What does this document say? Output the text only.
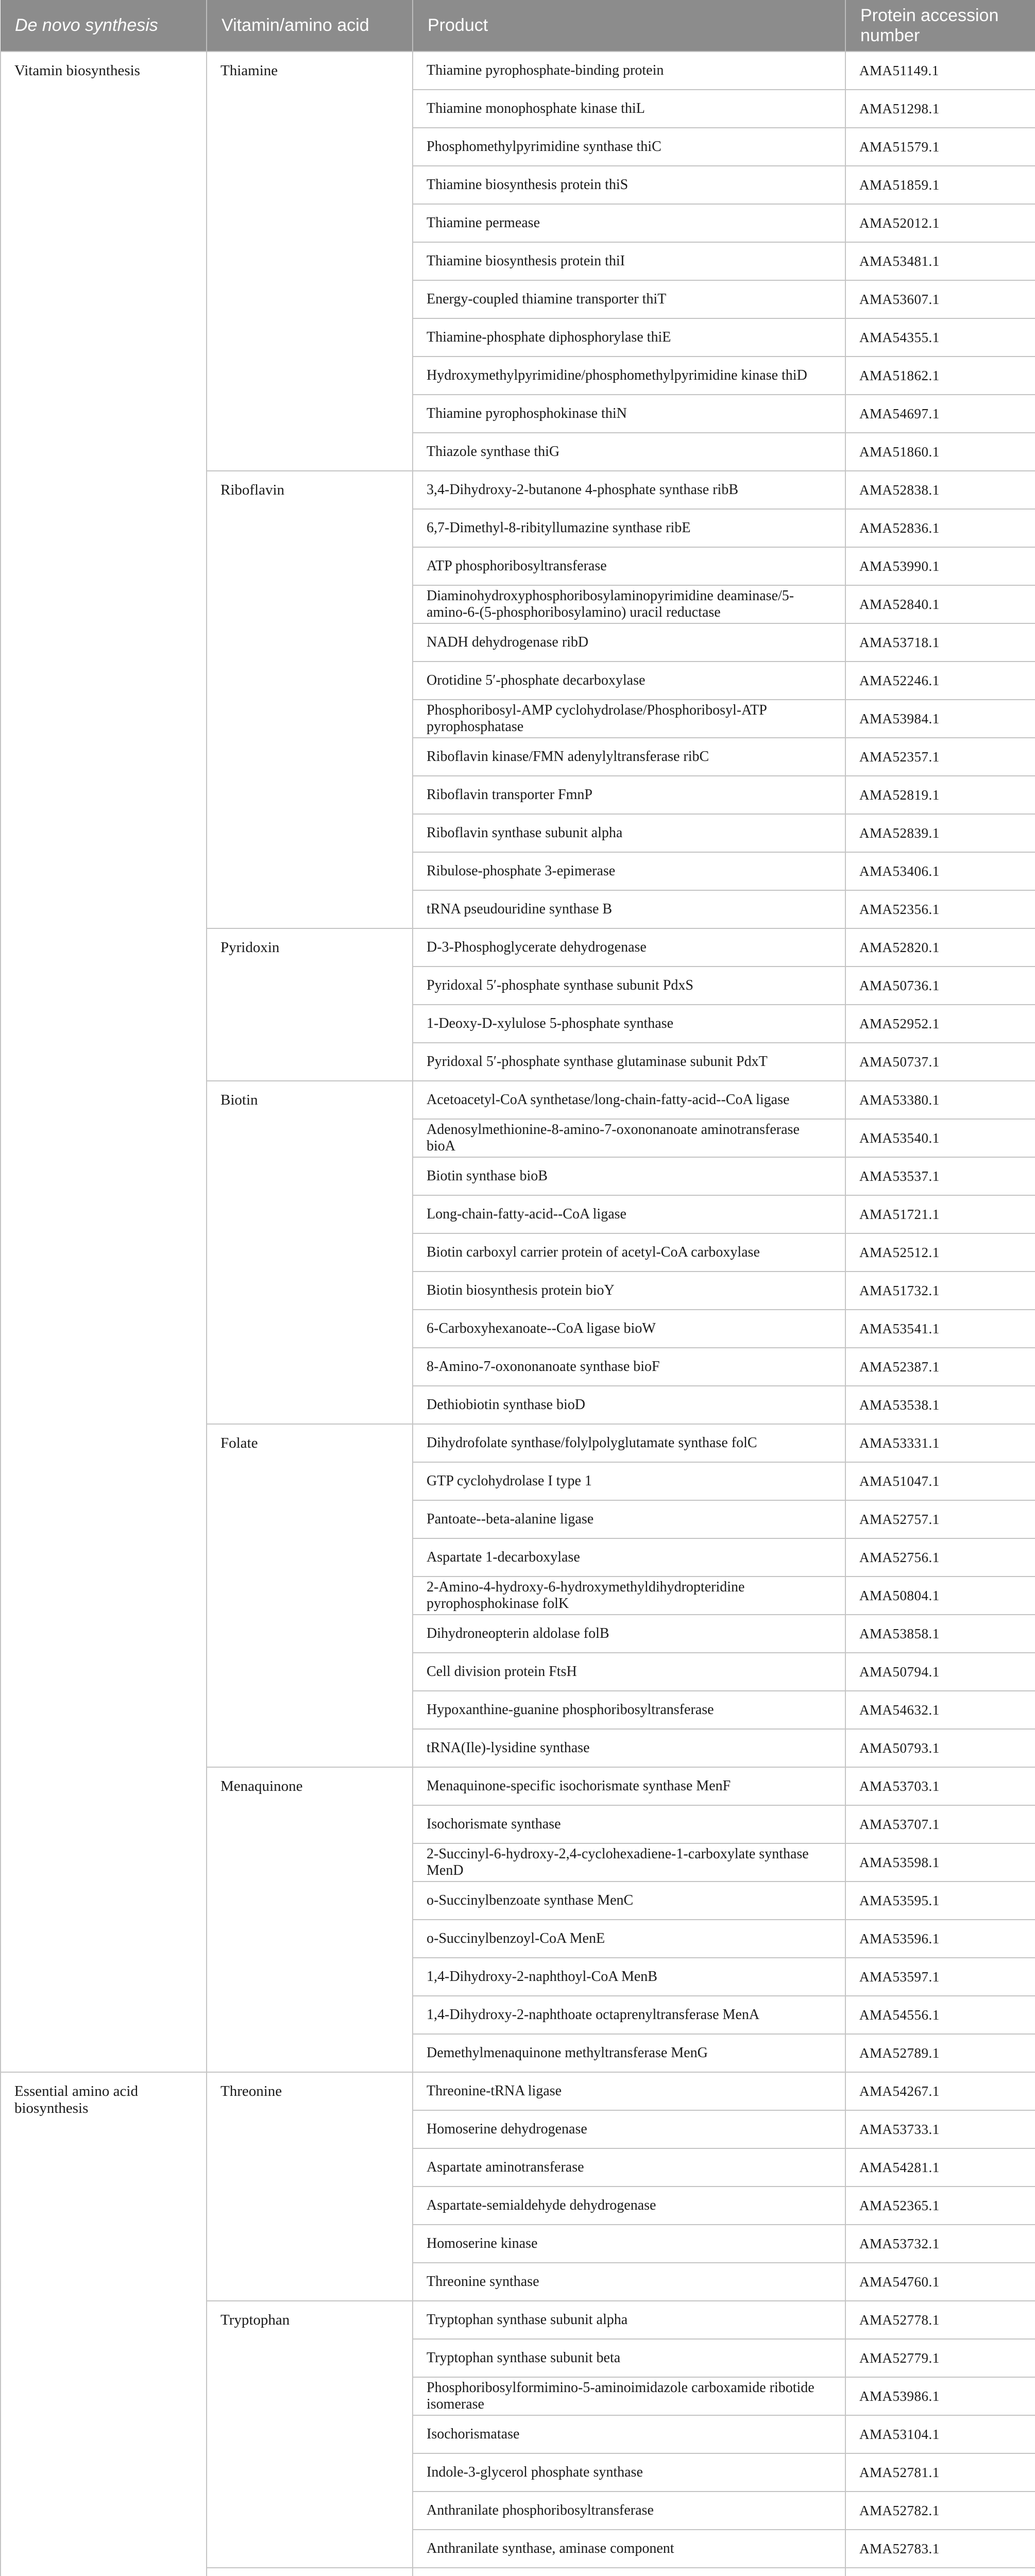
De novo synthesis	Vitamin/amino acid	Product	Protein accession number
Vitamin biosynthesis	Thiamine	Thiamine pyrophosphate-binding protein	AMA51149.1
		Thiamine monophosphate kinase thiL	AMA51298.1
		Phosphomethylpyrimidine synthase thiC	AMA51579.1
		Thiamine biosynthesis protein thiS	AMA51859.1
		Thiamine permease	AMA52012.1
		Thiamine biosynthesis protein thiI	AMA53481.1
		Energy-coupled thiamine transporter thiT	AMA53607.1
		Thiamine-phosphate diphosphorylase thiE	AMA54355.1
		Hydroxymethylpyrimidine/phosphomethylpyrimidine kinase thiD	AMA51862.1
		Thiamine pyrophosphokinase thiN	AMA54697.1
		Thiazole synthase thiG	AMA51860.1
	Riboflavin	3,4-Dihydroxy-2-butanone 4-phosphate synthase ribB	AMA52838.1
		6,7-Dimethyl-8-ribityllumazine synthase ribE	AMA52836.1
		ATP phosphoribosyltransferase	AMA53990.1
		Diaminohydroxyphosphoribosylaminopyrimidine deaminase/5-amino-6-(5-phosphoribosylamino) uracil reductase	AMA52840.1
		NADH dehydrogenase ribD	AMA53718.1
		Orotidine 5′-phosphate decarboxylase	AMA52246.1
		Phosphoribosyl-AMP cyclohydrolase/Phosphoribosyl-ATP pyrophosphatase	AMA53984.1
		Riboflavin kinase/FMN adenylyltransferase ribC	AMA52357.1
		Riboflavin transporter FmnP	AMA52819.1
		Riboflavin synthase subunit alpha	AMA52839.1
		Ribulose-phosphate 3-epimerase	AMA53406.1
		tRNA pseudouridine synthase B	AMA52356.1
	Pyridoxin	D-3-Phosphoglycerate dehydrogenase	AMA52820.1
		Pyridoxal 5′-phosphate synthase subunit PdxS	AMA50736.1
		1-Deoxy-D-xylulose 5-phosphate synthase	AMA52952.1
		Pyridoxal 5′-phosphate synthase glutaminase subunit PdxT	AMA50737.1
	Biotin	Acetoacetyl-CoA synthetase/long-chain-fatty-acid--CoA ligase	AMA53380.1
		Adenosylmethionine-8-amino-7-oxononanoate aminotransferase bioA	AMA53540.1
		Biotin synthase bioB	AMA53537.1
		Long-chain-fatty-acid--CoA ligase	AMA51721.1
		Biotin carboxyl carrier protein of acetyl-CoA carboxylase	AMA52512.1
		Biotin biosynthesis protein bioY	AMA51732.1
		6-Carboxyhexanoate--CoA ligase bioW	AMA53541.1
		8-Amino-7-oxononanoate synthase bioF	AMA52387.1
		Dethiobiotin synthase bioD	AMA53538.1
	Folate	Dihydrofolate synthase/folylpolyglutamate synthase folC	AMA53331.1
		GTP cyclohydrolase I type 1	AMA51047.1
		Pantoate--beta-alanine ligase	AMA52757.1
		Aspartate 1-decarboxylase	AMA52756.1
		2-Amino-4-hydroxy-6-hydroxymethyldihydropteridine pyrophosphokinase folK	AMA50804.1
		Dihydroneopterin aldolase folB	AMA53858.1
		Cell division protein FtsH	AMA50794.1
		Hypoxanthine-guanine phosphoribosyltransferase	AMA54632.1
		tRNA(Ile)-lysidine synthase	AMA50793.1
	Menaquinone	Menaquinone-specific isochorismate synthase MenF	AMA53703.1
		Isochorismate synthase	AMA53707.1
		2-Succinyl-6-hydroxy-2,4-cyclohexadiene-1-carboxylate synthase MenD	AMA53598.1
		o-Succinylbenzoate synthase MenC	AMA53595.1
		o-Succinylbenzoyl-CoA MenE	AMA53596.1
		1,4-Dihydroxy-2-naphthoyl-CoA MenB	AMA53597.1
		1,4-Dihydroxy-2-naphthoate octaprenyltransferase MenA	AMA54556.1
		Demethylmenaquinone methyltransferase MenG	AMA52789.1
Essential amino acid biosynthesis	Threonine	Threonine-tRNA ligase	AMA54267.1
		Homoserine dehydrogenase	AMA53733.1
		Aspartate aminotransferase	AMA54281.1
		Aspartate-semialdehyde dehydrogenase	AMA52365.1
		Homoserine kinase	AMA53732.1
		Threonine synthase	AMA54760.1
	Tryptophan	Tryptophan synthase subunit alpha	AMA52778.1
		Tryptophan synthase subunit beta	AMA52779.1
		Phosphoribosylformimino-5-aminoimidazole carboxamide ribotide isomerase	AMA53986.1
		Isochorismatase	AMA53104.1
		Indole-3-glycerol phosphate synthase	AMA52781.1
		Anthranilate phosphoribosyltransferase	AMA52782.1
		Anthranilate synthase, aminase component	AMA52783.1
